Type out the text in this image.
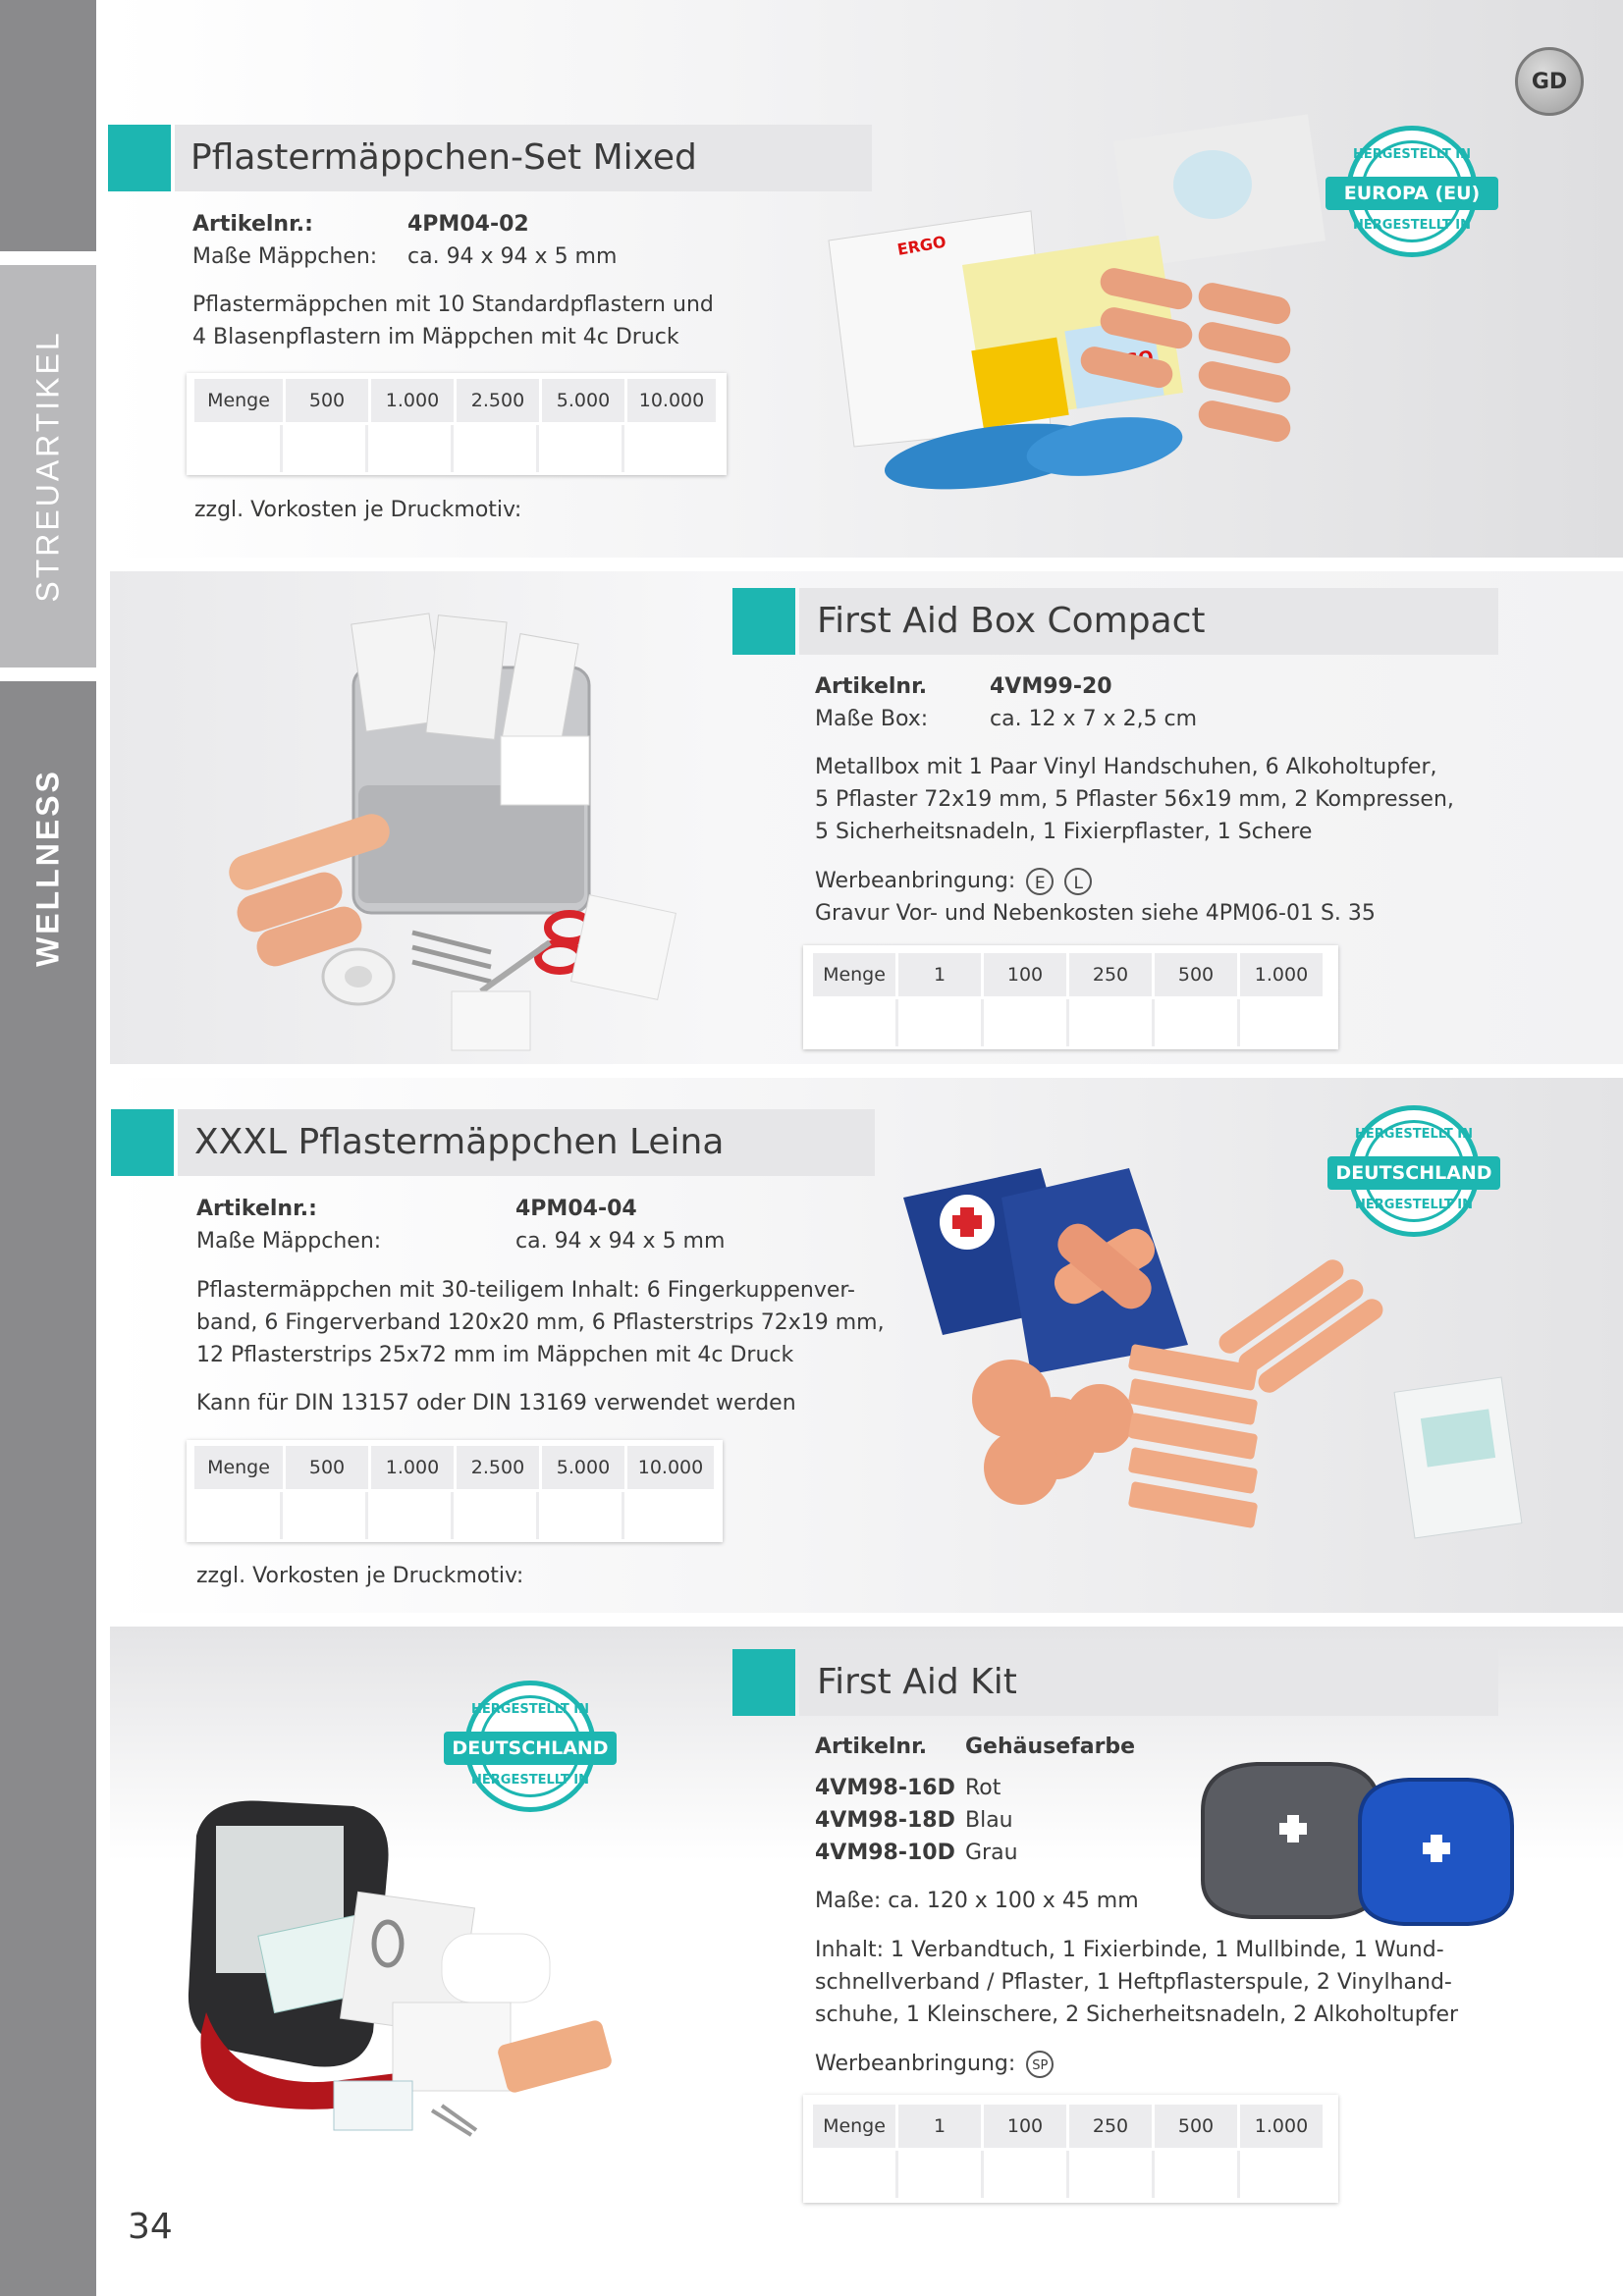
STREUARTIKEL
WELLNESS
GD
Pflastermäppchen-Set Mixed
Artikelnr.:	4PM04-02
Maße Mäppchen: ca. 94 x 94 x 5 mm
Pflastermäppchen mit 10 Standardpflastern und
4 Blasenpflastern im Mäppchen mit 4c Druck
Menge	500	1.000	2.500	5.000	10.000
zzgl. Vorkosten je Druckmotiv:
ERGO
HERGESTELLT IN
EUROPA (EU)
HERGESTELLT IN
First Aid Box Compact
Artikelnr.	4VM99-20
Maße Box:	ca. 12 x 7 x 2,5 cm
Metallbox mit 1 Paar Vinyl Handschuhen, 6 Alkoholtupfer,
5 Pflaster 72x19 mm, 5 Pflaster 56x19 mm, 2 Kompressen,
5 Sicherheitsnadeln, 1 Fixierpflaster, 1 Schere
Werbeanbringung: E L
Gravur Vor- und Nebenkosten siehe 4PM06-01 S. 35
Menge	1	100	250	500	1.000
XXXL Pflastermäppchen Leina
Artikelnr.:	4PM04-04
Maße Mäppchen:	ca. 94 x 94 x 5 mm
Pflastermäppchen mit 30-teiligem Inhalt: 6 Fingerkuppenver-
band, 6 Fingerverband 120x20 mm, 6 Pflasterstrips 72x19 mm,
12 Pflasterstrips 25x72 mm im Mäppchen mit 4c Druck
Kann für DIN 13157 oder DIN 13169 verwendet werden
Menge	500	1.000	2.500	5.000	10.000
zzgl. Vorkosten je Druckmotiv:
HERGESTELLT IN
DEUTSCHLAND
HERGESTELLT IN
First Aid Kit
Artikelnr. Gehäusefarbe
4VM98-16D Rot
4VM98-18D Blau
4VM98-10D Grau
Maße: ca. 120 x 100 x 45 mm
Inhalt: 1 Verbandtuch, 1 Fixierbinde, 1 Mullbinde, 1 Wund-
schnellverband / Pflaster, 1 Heftpflasterspule, 2 Vinylhand-
schuhe, 1 Kleinschere, 2 Sicherheitsnadeln, 2 Alkoholtupfer
Werbeanbringung: SP
Menge	1	100	250	500	1.000
HERGESTELLT IN
DEUTSCHLAND
HERGESTELLT IN
34
